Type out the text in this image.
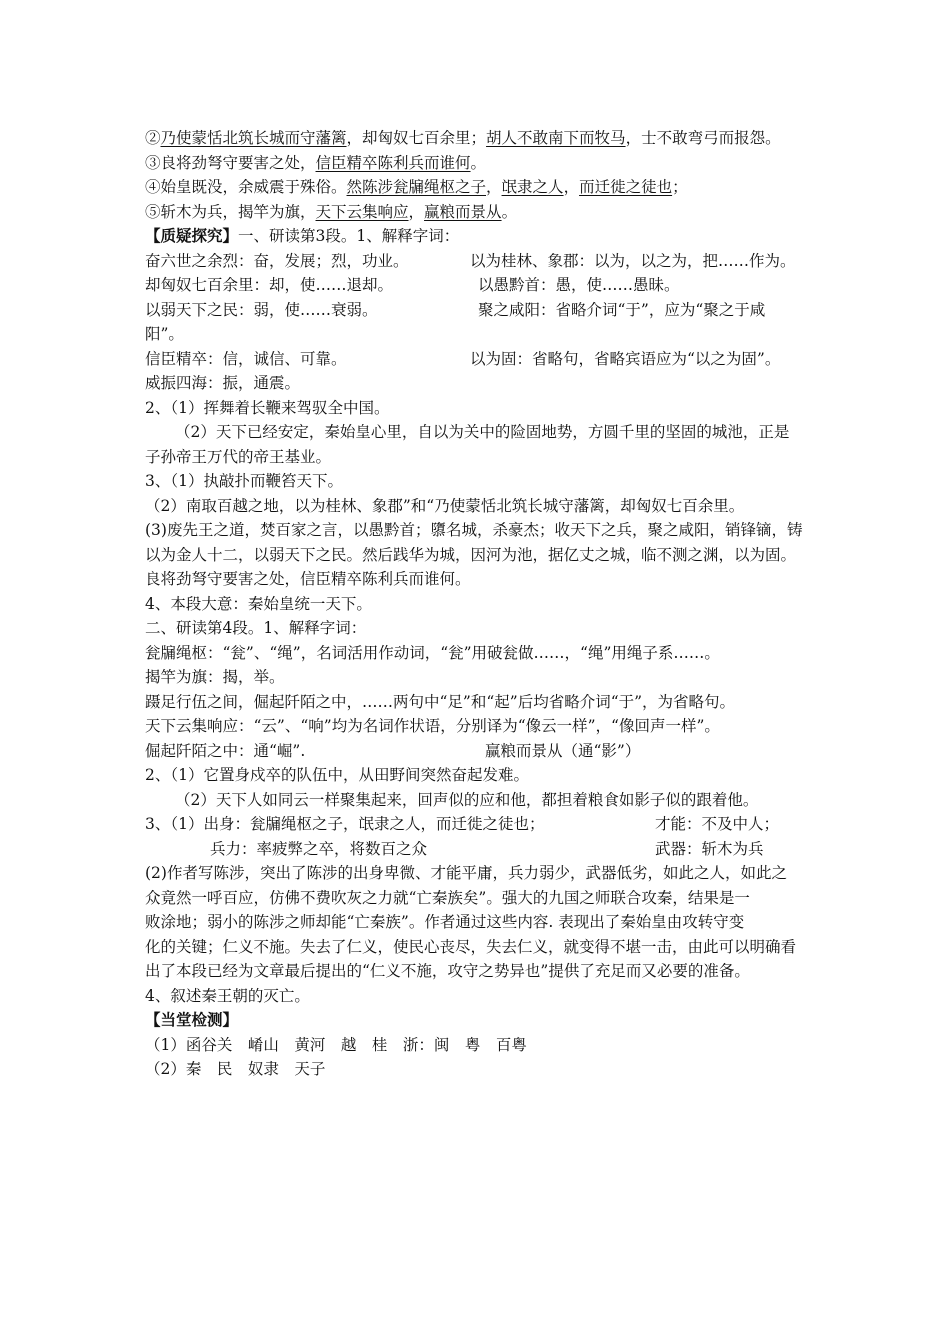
②乃使蒙恬北筑长城而守藩篱，却匈奴七百余里；胡人不敢南下而牧马，士不敢弯弓而报怨。
③良将劲弩守要害之处，信臣精卒陈利兵而谁何。
④始皇既没，余威震于殊俗。然陈涉瓮牖绳枢之子，氓隶之人，而迁徙之徒也；
⑤斩木为兵，揭竿为旗，天下云集响应，赢粮而景从。
【质疑探究】一、研读第3段。1、解释字词：
奋六世之余烈：奋，发展；烈，功业。	以为桂林、象郡：以为，以之为，把……作为。
却匈奴七百余里：却，使……退却。	以愚黔首：愚，使……愚昧。
以弱天下之民：弱，使……衰弱。	聚之咸阳：省略介词“于”，应为“聚之于咸
阳”。
信臣精卒：信，诚信、可靠。	以为固：省略句，省略宾语应为“以之为固”。
威振四海：振，通震。
2、（1）挥舞着长鞭来驾驭全中国。
（2）天下已经安定，秦始皇心里，自以为关中的险固地势，方圆千里的坚固的城池，正是
子孙帝王万代的帝王基业。
3、（1）执敲扑而鞭笞天下。
（2）南取百越之地，以为桂林、象郡”和“乃使蒙恬北筑长城守藩篱，却匈奴七百余里。
(3)废先王之道，焚百家之言，以愚黔首；隳名城，杀豪杰；收天下之兵，聚之咸阳，销锋镝，铸
以为金人十二，以弱天下之民。然后践华为城，因河为池，据亿丈之城，临不测之渊，以为固。
良将劲弩守要害之处，信臣精卒陈利兵而谁何。
4、本段大意：秦始皇统一天下。
二、研读第4段。1、解释字词：
瓮牖绳枢：“瓮”、“绳”，名词活用作动词，“瓮”用破瓮做……，“绳”用绳子系……。
揭竿为旗：揭，举。
蹑足行伍之间，倔起阡陌之中，……两句中“足”和“起”后均省略介词“于”，为省略句。
天下云集响应：“云”、“响”均为名词作状语，分别译为“像云一样”，“像回声一样”。
倔起阡陌之中：通“崛”.	赢粮而景从（通“影”）
2、（1）它置身戍卒的队伍中，从田野间突然奋起发难。
（2）天下人如同云一样聚集起来，回声似的应和他，都担着粮食如影子似的跟着他。
3、（1）出身：瓮牖绳枢之子，氓隶之人，而迁徙之徒也；	才能：不及中人；
兵力：率疲弊之卒，将数百之众	武器：斩木为兵
(2)作者写陈涉，突出了陈涉的出身卑微、才能平庸，兵力弱少，武器低劣，如此之人，如此之
众竟然一呼百应，仿佛不费吹灰之力就“亡秦族矣”。强大的九国之师联合攻秦，结果是一
败涂地；弱小的陈涉之师却能“亡秦族”。作者通过这些内容. 表现出了秦始皇由攻转守变
化的关键；仁义不施。失去了仁义，使民心丧尽，失去仁义，就变得不堪一击，由此可以明确看
出了本段已经为文章最后提出的“仁义不施，攻守之势异也”提供了充足而又必要的准备。
4、叙述秦王朝的灭亡。
【当堂检测】
（1）函谷关　崤山　黄河　越　桂　浙：闽　粤　百粤
（2）秦　民　奴隶　天子
